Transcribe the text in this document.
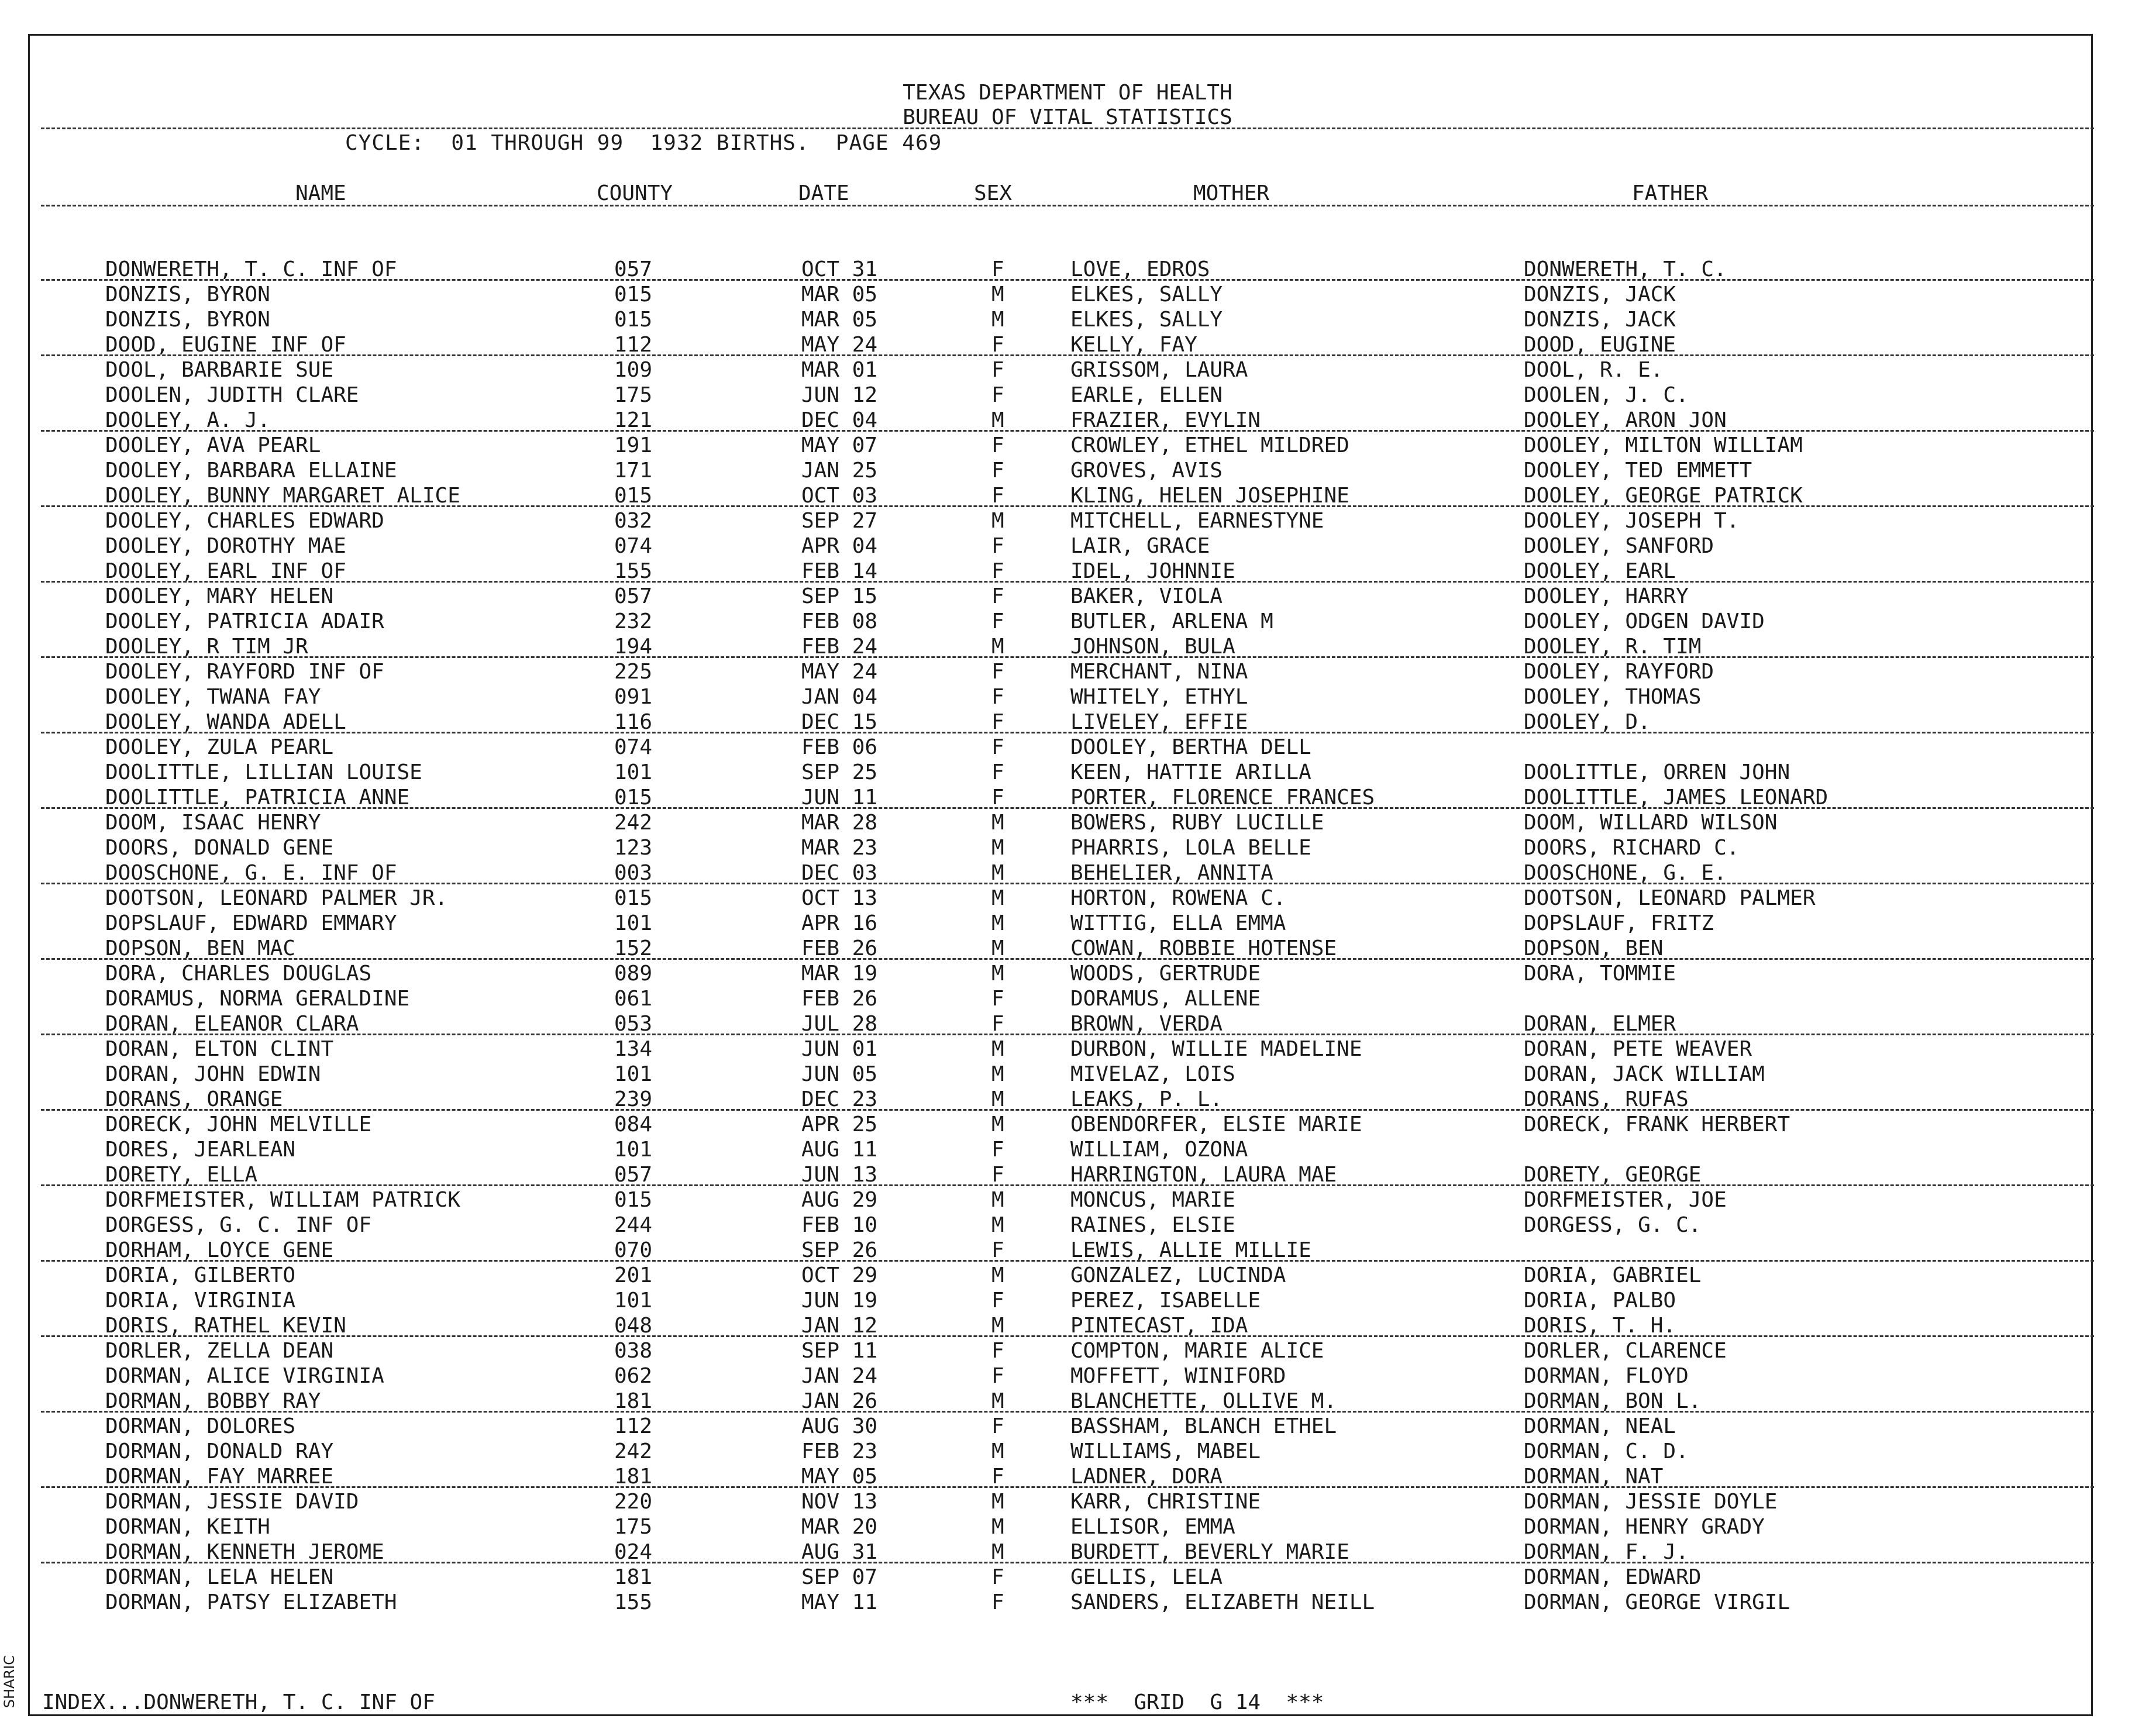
TEXAS DEPARTMENT OF HEALTH
BUREAU OF VITAL STATISTICS
CYCLE:  01 THROUGH 99  1932 BIRTHS.  PAGE 469
NAME	COUNTY	DATE	SEX	MOTHER	FATHER
DONWERETH, T. C. INF OF	057	OCT 31	F	LOVE, EDROS	DONWERETH, T. C.
DONZIS, BYRON	015	MAR 05	M	ELKES, SALLY	DONZIS, JACK
DONZIS, BYRON	015	MAR 05	M	ELKES, SALLY	DONZIS, JACK
DOOD, EUGINE INF OF	112	MAY 24	F	KELLY, FAY	DOOD, EUGINE
DOOL, BARBARIE SUE	109	MAR 01	F	GRISSOM, LAURA	DOOL, R. E.
DOOLEN, JUDITH CLARE	175	JUN 12	F	EARLE, ELLEN	DOOLEN, J. C.
DOOLEY, A. J.	121	DEC 04	M	FRAZIER, EVYLIN	DOOLEY, ARON JON
DOOLEY, AVA PEARL	191	MAY 07	F	CROWLEY, ETHEL MILDRED	DOOLEY, MILTON WILLIAM
DOOLEY, BARBARA ELLAINE	171	JAN 25	F	GROVES, AVIS	DOOLEY, TED EMMETT
DOOLEY, BUNNY MARGARET ALICE	015	OCT 03	F	KLING, HELEN JOSEPHINE	DOOLEY, GEORGE PATRICK
DOOLEY, CHARLES EDWARD	032	SEP 27	M	MITCHELL, EARNESTYNE	DOOLEY, JOSEPH T.
DOOLEY, DOROTHY MAE	074	APR 04	F	LAIR, GRACE	DOOLEY, SANFORD
DOOLEY, EARL INF OF	155	FEB 14	F	IDEL, JOHNNIE	DOOLEY, EARL
DOOLEY, MARY HELEN	057	SEP 15	F	BAKER, VIOLA	DOOLEY, HARRY
DOOLEY, PATRICIA ADAIR	232	FEB 08	F	BUTLER, ARLENA M	DOOLEY, ODGEN DAVID
DOOLEY, R TIM JR	194	FEB 24	M	JOHNSON, BULA	DOOLEY, R. TIM
DOOLEY, RAYFORD INF OF	225	MAY 24	F	MERCHANT, NINA	DOOLEY, RAYFORD
DOOLEY, TWANA FAY	091	JAN 04	F	WHITELY, ETHYL	DOOLEY, THOMAS
DOOLEY, WANDA ADELL	116	DEC 15	F	LIVELEY, EFFIE	DOOLEY, D.
DOOLEY, ZULA PEARL	074	FEB 06	F	DOOLEY, BERTHA DELL
DOOLITTLE, LILLIAN LOUISE	101	SEP 25	F	KEEN, HATTIE ARILLA	DOOLITTLE, ORREN JOHN
DOOLITTLE, PATRICIA ANNE	015	JUN 11	F	PORTER, FLORENCE FRANCES	DOOLITTLE, JAMES LEONARD
DOOM, ISAAC HENRY	242	MAR 28	M	BOWERS, RUBY LUCILLE	DOOM, WILLARD WILSON
DOORS, DONALD GENE	123	MAR 23	M	PHARRIS, LOLA BELLE	DOORS, RICHARD C.
DOOSCHONE, G. E. INF OF	003	DEC 03	M	BEHELIER, ANNITA	DOOSCHONE, G. E.
DOOTSON, LEONARD PALMER JR.	015	OCT 13	M	HORTON, ROWENA C.	DOOTSON, LEONARD PALMER
DOPSLAUF, EDWARD EMMARY	101	APR 16	M	WITTIG, ELLA EMMA	DOPSLAUF, FRITZ
DOPSON, BEN MAC	152	FEB 26	M	COWAN, ROBBIE HOTENSE	DOPSON, BEN
DORA, CHARLES DOUGLAS	089	MAR 19	M	WOODS, GERTRUDE	DORA, TOMMIE
DORAMUS, NORMA GERALDINE	061	FEB 26	F	DORAMUS, ALLENE
DORAN, ELEANOR CLARA	053	JUL 28	F	BROWN, VERDA	DORAN, ELMER
DORAN, ELTON CLINT	134	JUN 01	M	DURBON, WILLIE MADELINE	DORAN, PETE WEAVER
DORAN, JOHN EDWIN	101	JUN 05	M	MIVELAZ, LOIS	DORAN, JACK WILLIAM
DORANS, ORANGE	239	DEC 23	M	LEAKS, P. L.	DORANS, RUFAS
DORECK, JOHN MELVILLE	084	APR 25	M	OBENDORFER, ELSIE MARIE	DORECK, FRANK HERBERT
DORES, JEARLEAN	101	AUG 11	F	WILLIAM, OZONA
DORETY, ELLA	057	JUN 13	F	HARRINGTON, LAURA MAE	DORETY, GEORGE
DORFMEISTER, WILLIAM PATRICK	015	AUG 29	M	MONCUS, MARIE	DORFMEISTER, JOE
DORGESS, G. C. INF OF	244	FEB 10	M	RAINES, ELSIE	DORGESS, G. C.
DORHAM, LOYCE GENE	070	SEP 26	F	LEWIS, ALLIE MILLIE
DORIA, GILBERTO	201	OCT 29	M	GONZALEZ, LUCINDA	DORIA, GABRIEL
DORIA, VIRGINIA	101	JUN 19	F	PEREZ, ISABELLE	DORIA, PALBO
DORIS, RATHEL KEVIN	048	JAN 12	M	PINTECAST, IDA	DORIS, T. H.
DORLER, ZELLA DEAN	038	SEP 11	F	COMPTON, MARIE ALICE	DORLER, CLARENCE
DORMAN, ALICE VIRGINIA	062	JAN 24	F	MOFFETT, WINIFORD	DORMAN, FLOYD
DORMAN, BOBBY RAY	181	JAN 26	M	BLANCHETTE, OLLIVE M.	DORMAN, BON L.
DORMAN, DOLORES	112	AUG 30	F	BASSHAM, BLANCH ETHEL	DORMAN, NEAL
DORMAN, DONALD RAY	242	FEB 23	M	WILLIAMS, MABEL	DORMAN, C. D.
DORMAN, FAY MARREE	181	MAY 05	F	LADNER, DORA	DORMAN, NAT
DORMAN, JESSIE DAVID	220	NOV 13	M	KARR, CHRISTINE	DORMAN, JESSIE DOYLE
DORMAN, KEITH	175	MAR 20	M	ELLISOR, EMMA	DORMAN, HENRY GRADY
DORMAN, KENNETH JEROME	024	AUG 31	M	BURDETT, BEVERLY MARIE	DORMAN, F. J.
DORMAN, LELA HELEN	181	SEP 07	F	GELLIS, LELA	DORMAN, EDWARD
DORMAN, PATSY ELIZABETH	155	MAY 11	F	SANDERS, ELIZABETH NEILL	DORMAN, GEORGE VIRGIL
INDEX...DONWERETH, T. C. INF OF	***  GRID  G 14  ***
SHARIC
